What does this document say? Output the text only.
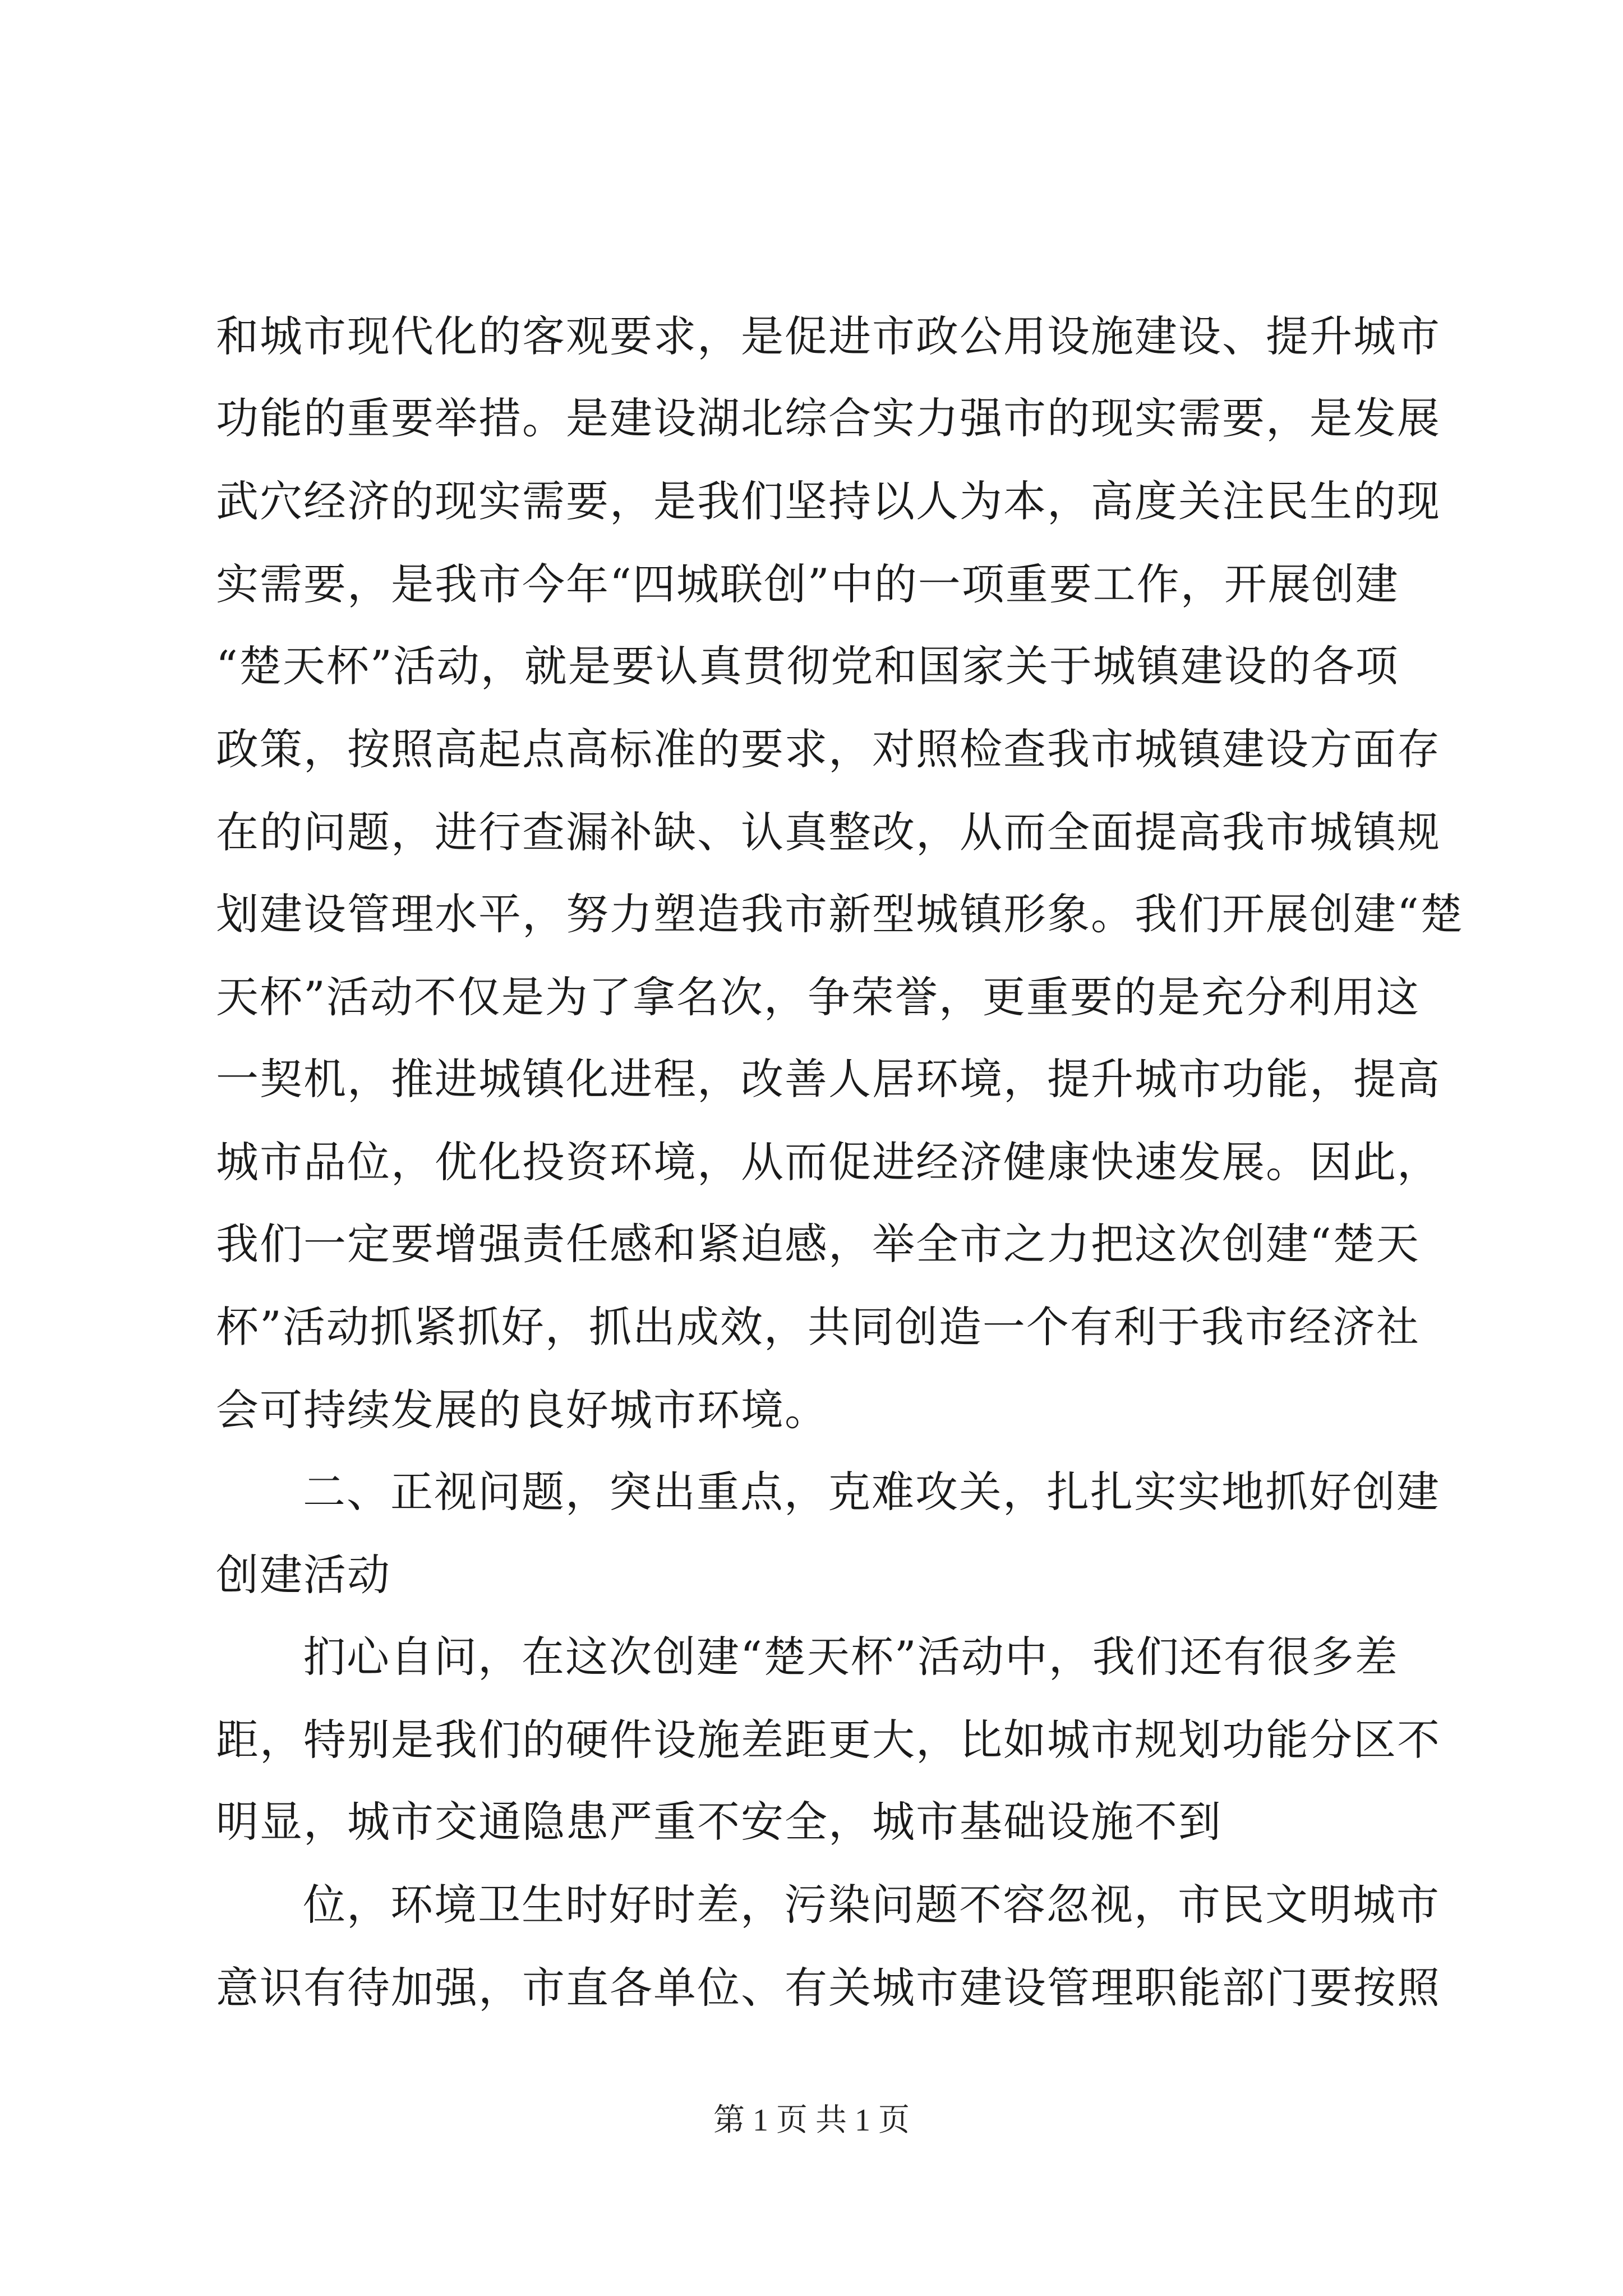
和城市现代化的客观要求，是促进市政公用设施建设、提升城市
功能的重要举措。是建设湖北综合实力强市的现实需要，是发展
武穴经济的现实需要，是我们坚持以人为本，高度关注民生的现
实需要，是我市今年“四城联创”中的一项重要工作，开展创建
“楚天杯”活动，就是要认真贯彻党和国家关于城镇建设的各项
政策，按照高起点高标准的要求，对照检查我市城镇建设方面存
在的问题，进行查漏补缺、认真整改，从而全面提高我市城镇规
划建设管理水平，努力塑造我市新型城镇形象。我们开展创建“楚
天杯”活动不仅是为了拿名次，争荣誉，更重要的是充分利用这
一契机，推进城镇化进程，改善人居环境，提升城市功能，提高
城市品位，优化投资环境，从而促进经济健康快速发展。因此，
我们一定要增强责任感和紧迫感，举全市之力把这次创建“楚天
杯”活动抓紧抓好，抓出成效，共同创造一个有利于我市经济社
会可持续发展的良好城市环境。
二、正视问题，突出重点，克难攻关，扎扎实实地抓好创建
创建活动
扪心自问，在这次创建“楚天杯”活动中，我们还有很多差
距，特别是我们的硬件设施差距更大，比如城市规划功能分区不
明显，城市交通隐患严重不安全，城市基础设施不到
位，环境卫生时好时差，污染问题不容忽视，市民文明城市
意识有待加强，市直各单位、有关城市建设管理职能部门要按照
第 1 页 共 1 页
